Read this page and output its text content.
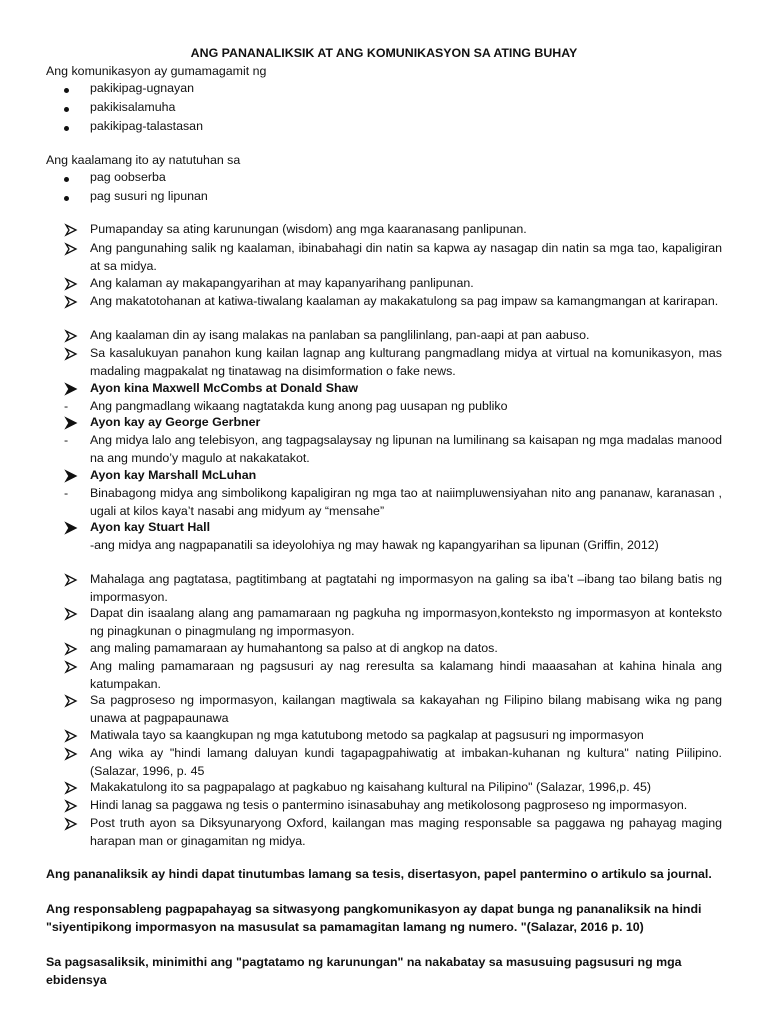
ANG PANANALIKSIK AT ANG KOMUNIKASYON SA ATING BUHAY
Ang komunikasyon ay gumamagamit ng
pakikipag-ugnayan
pakikisalamuha
pakikipag-talastasan
Ang kaalamang ito ay natutuhan sa
pag oobserba
pag susuri ng lipunan
Pumapanday sa ating karunungan (wisdom) ang mga kaaranasang panlipunan.
Ang pangunahing salik ng kaalaman, ibinabahagi din natin sa kapwa ay nasagap din natin sa mga tao, kapaligiran at sa midya.
Ang kalaman ay makapangyarihan at may kapanyarihang panlipunan.
Ang makatotohanan at katiwa-tiwalang kaalaman ay makakatulong sa pag impaw sa kamangmangan at karirapan.
Ang kaalaman din ay isang malakas na panlaban sa panglilinlang, pan-aapi at pan aabuso.
Sa kasalukuyan panahon kung kailan lagnap ang kulturang pangmadlang midya at virtual na komunikasyon, mas madaling magpakalat ng tinatawag na disimformation o fake news.
Ayon kina Maxwell McCombs at Donald Shaw
- Ang pangmadlang wikaang nagtatakda kung anong pag uusapan ng publiko
Ayon kay ay George Gerbner
- Ang midya lalo ang telebisyon, ang tagpagsalaysay ng lipunan na lumilinang sa kaisapan ng mga madalas manood na ang mundo’y magulo at nakakatakot.
Ayon kay Marshall McLuhan
- Binabagong midya ang simbolikong kapaligiran ng mga tao at naiimpluwensiyahan nito ang pananaw, karanasan , ugali at kilos kaya’t nasabi ang midyum ay “mensahe”
Ayon kay Stuart Hall
-ang midya ang nagpapanatili sa ideyolohiya ng may hawak ng kapangyarihan sa lipunan (Griffin, 2012)
Mahalaga ang pagtatasa, pagtitimbang at pagtatahi ng impormasyon na galing sa iba’t –ibang tao bilang batis ng impormasyon.
Dapat din isaalang alang ang pamamaraan ng pagkuha ng impormasyon,konteksto ng impormasyon at konteksto ng pinagkunan o pinagmulang ng impormasyon.
ang maling pamamaraan ay humahantong sa palso at di angkop na datos.
Ang maling pamamaraan ng pagsusuri ay nag reresulta sa kalamang hindi maaasahan at kahina hinala ang katumpakan.
Sa pagproseso ng impormasyon, kailangan magtiwala sa kakayahan ng Filipino bilang mabisang wika ng pang unawa at pagpapaunawa
Matiwala tayo sa kaangkupan ng mga katutubong metodo sa pagkalap at pagsusuri ng impormasyon
Ang wika ay "hindi lamang daluyan kundi tagapagpahiwatig at imbakan-kuhanan ng kultura" nating Piilipino. (Salazar, 1996, p. 45
Makakatulong ito sa pagpapalago at pagkabuo ng kaisahang kultural na Pilipino" (Salazar, 1996,p. 45)
Hindi lanag sa paggawa ng tesis o pantermino isinasabuhay ang metikolosong pagproseso ng impormasyon.
Post truth ayon sa Diksyunaryong Oxford, kailangan mas maging responsable sa paggawa ng pahayag maging harapan man or ginagamitan ng midya.
Ang pananaliksik ay hindi dapat tinutumbas lamang sa tesis, disertasyon, papel pantermino o artikulo sa journal.
Ang responsableng pagpapahayag sa sitwasyong pangkomunikasyon ay dapat bunga ng pananaliksik na hindi "siyentipikong impormasyon na masusulat sa pamamagitan lamang ng numero. "(Salazar, 2016 p. 10)
Sa pagsasaliksik, minimithi ang "pagtatamo ng karunungan" na nakabatay sa masusuing pagsusuri ng mga ebidensya
